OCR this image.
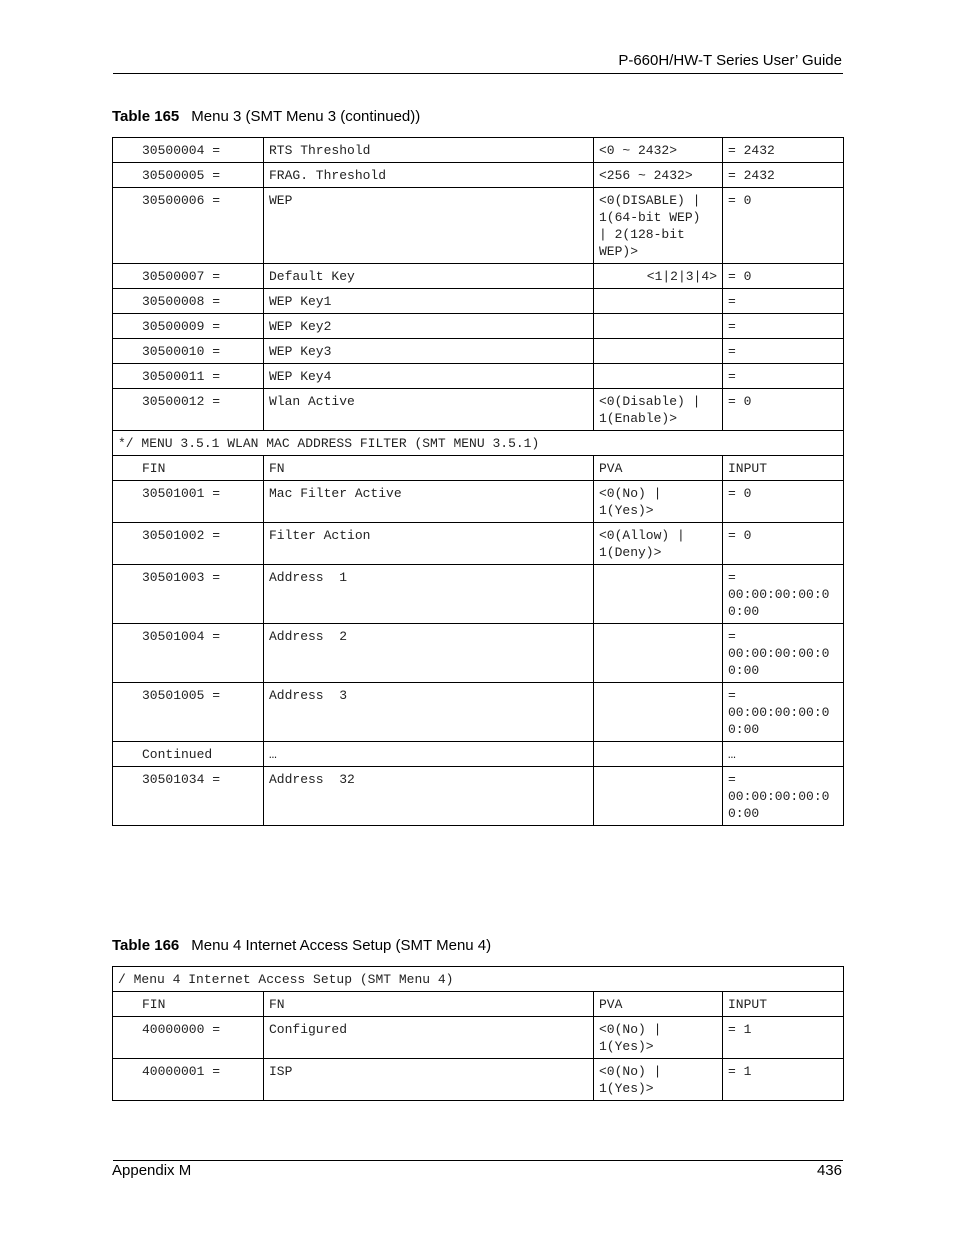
P-660H/HW-T Series User’ Guide
Table 165 Menu 3 (SMT Menu 3 (continued))
30500004 =	RTS Threshold	<0 ~ 2432>	= 2432
30500005 =	FRAG. Threshold	<256 ~ 2432>	= 2432
30500006 =	WEP	<0(DISABLE) |
1(64-bit WEP)
| 2(128-bit
WEP)>	= 0
30500007 =	Default Key	<1|2|3|4>	= 0
30500008 =	WEP Key1		=
30500009 =	WEP Key2		=
30500010 =	WEP Key3		=
30500011 =	WEP Key4		=
30500012 =	Wlan Active	<0(Disable) |
1(Enable)>	= 0
*/ MENU 3.5.1 WLAN MAC ADDRESS FILTER (SMT MENU 3.5.1)			
FIN	FN	PVA	INPUT
30501001 =	Mac Filter Active	<0(No) |
1(Yes)>	= 0
30501002 =	Filter Action	<0(Allow) |
1(Deny)>	= 0
30501003 =	Address  1		=
00:00:00:00:0
0:00
30501004 =	Address  2		=
00:00:00:00:0
0:00
30501005 =	Address  3		=
00:00:00:00:0
0:00
Continued	…		…
30501034 =	Address  32		=
00:00:00:00:0
0:00
Table 166 Menu 4 Internet Access Setup (SMT Menu 4)
/ Menu 4 Internet Access Setup (SMT Menu 4)			
FIN	FN	PVA	INPUT
40000000 =	Configured	<0(No) |
1(Yes)>	= 1
40000001 =	ISP	<0(No) |
1(Yes)>	= 1
Appendix M	436
